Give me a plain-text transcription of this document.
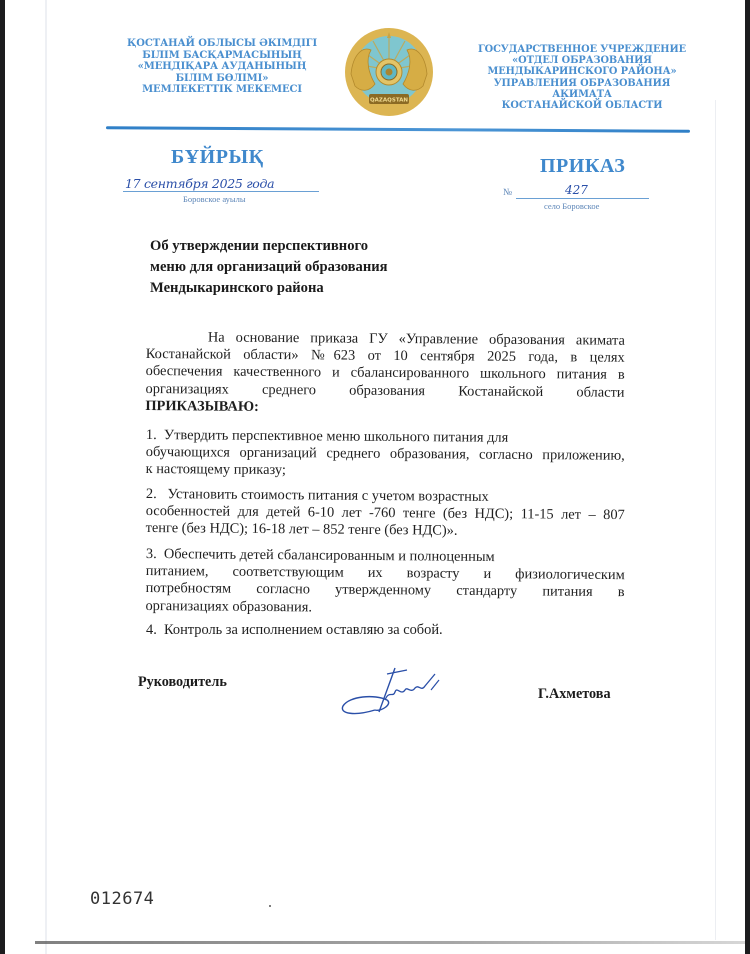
ҚОСТАНАЙ ОБЛЫСЫ ӘКІМДІГІ
БІЛІМ БАСҚАРМАСЫНЫҢ
«МЕҢДІҚАРА АУДАНЫНЫҢ
БІЛІМ БӨЛІМІ»
МЕМЛЕКЕТТІК МЕКЕМЕСІ
QAZAQSTAN
ГОСУДАРСТВЕННОЕ УЧРЕЖДЕНИЕ
«ОТДЕЛ ОБРАЗОВАНИЯ
МЕНДЫКАРИНСКОГО РАЙОНА»
УПРАВЛЕНИЯ ОБРАЗОВАНИЯ АКИМАТА
КОСТАНАЙСКОЙ ОБЛАСТИ
БҰЙРЫҚ	ПРИКАЗ
17 сентября 2025 года
Боровское ауылы
№	427
село Боровское
Об утверждении перспективного
меню для организаций образования
Мендыкаринского района
На основание приказа ГУ «Управление образования акимата
Костанайской области» №623 от 10 сентября 2025 года, в целях
обеспечения качественного и сбалансированного школьного питания в
организациях среднего образования Костанайской области
ПРИКАЗЫВАЮ:
1. Утвердить перспективное меню школьного питания для
обучающихся организаций среднего образования, согласно приложению,
к настоящему приказу;
2. Установить стоимость питания с учетом возрастных
особенностей для детей 6-10 лет -760 тенге (без НДС); 11-15 лет – 807
тенге (без НДС); 16-18 лет – 852 тенге (без НДС)».
3. Обеспечить детей сбалансированным и полноценным
питанием, соответствующим их возрасту и физиологическим
потребностям согласно утвержденному стандарту питания в
организациях образования.
4. Контроль за исполнением оставляю за собой.
Руководитель
Г.Ахметова
012674
